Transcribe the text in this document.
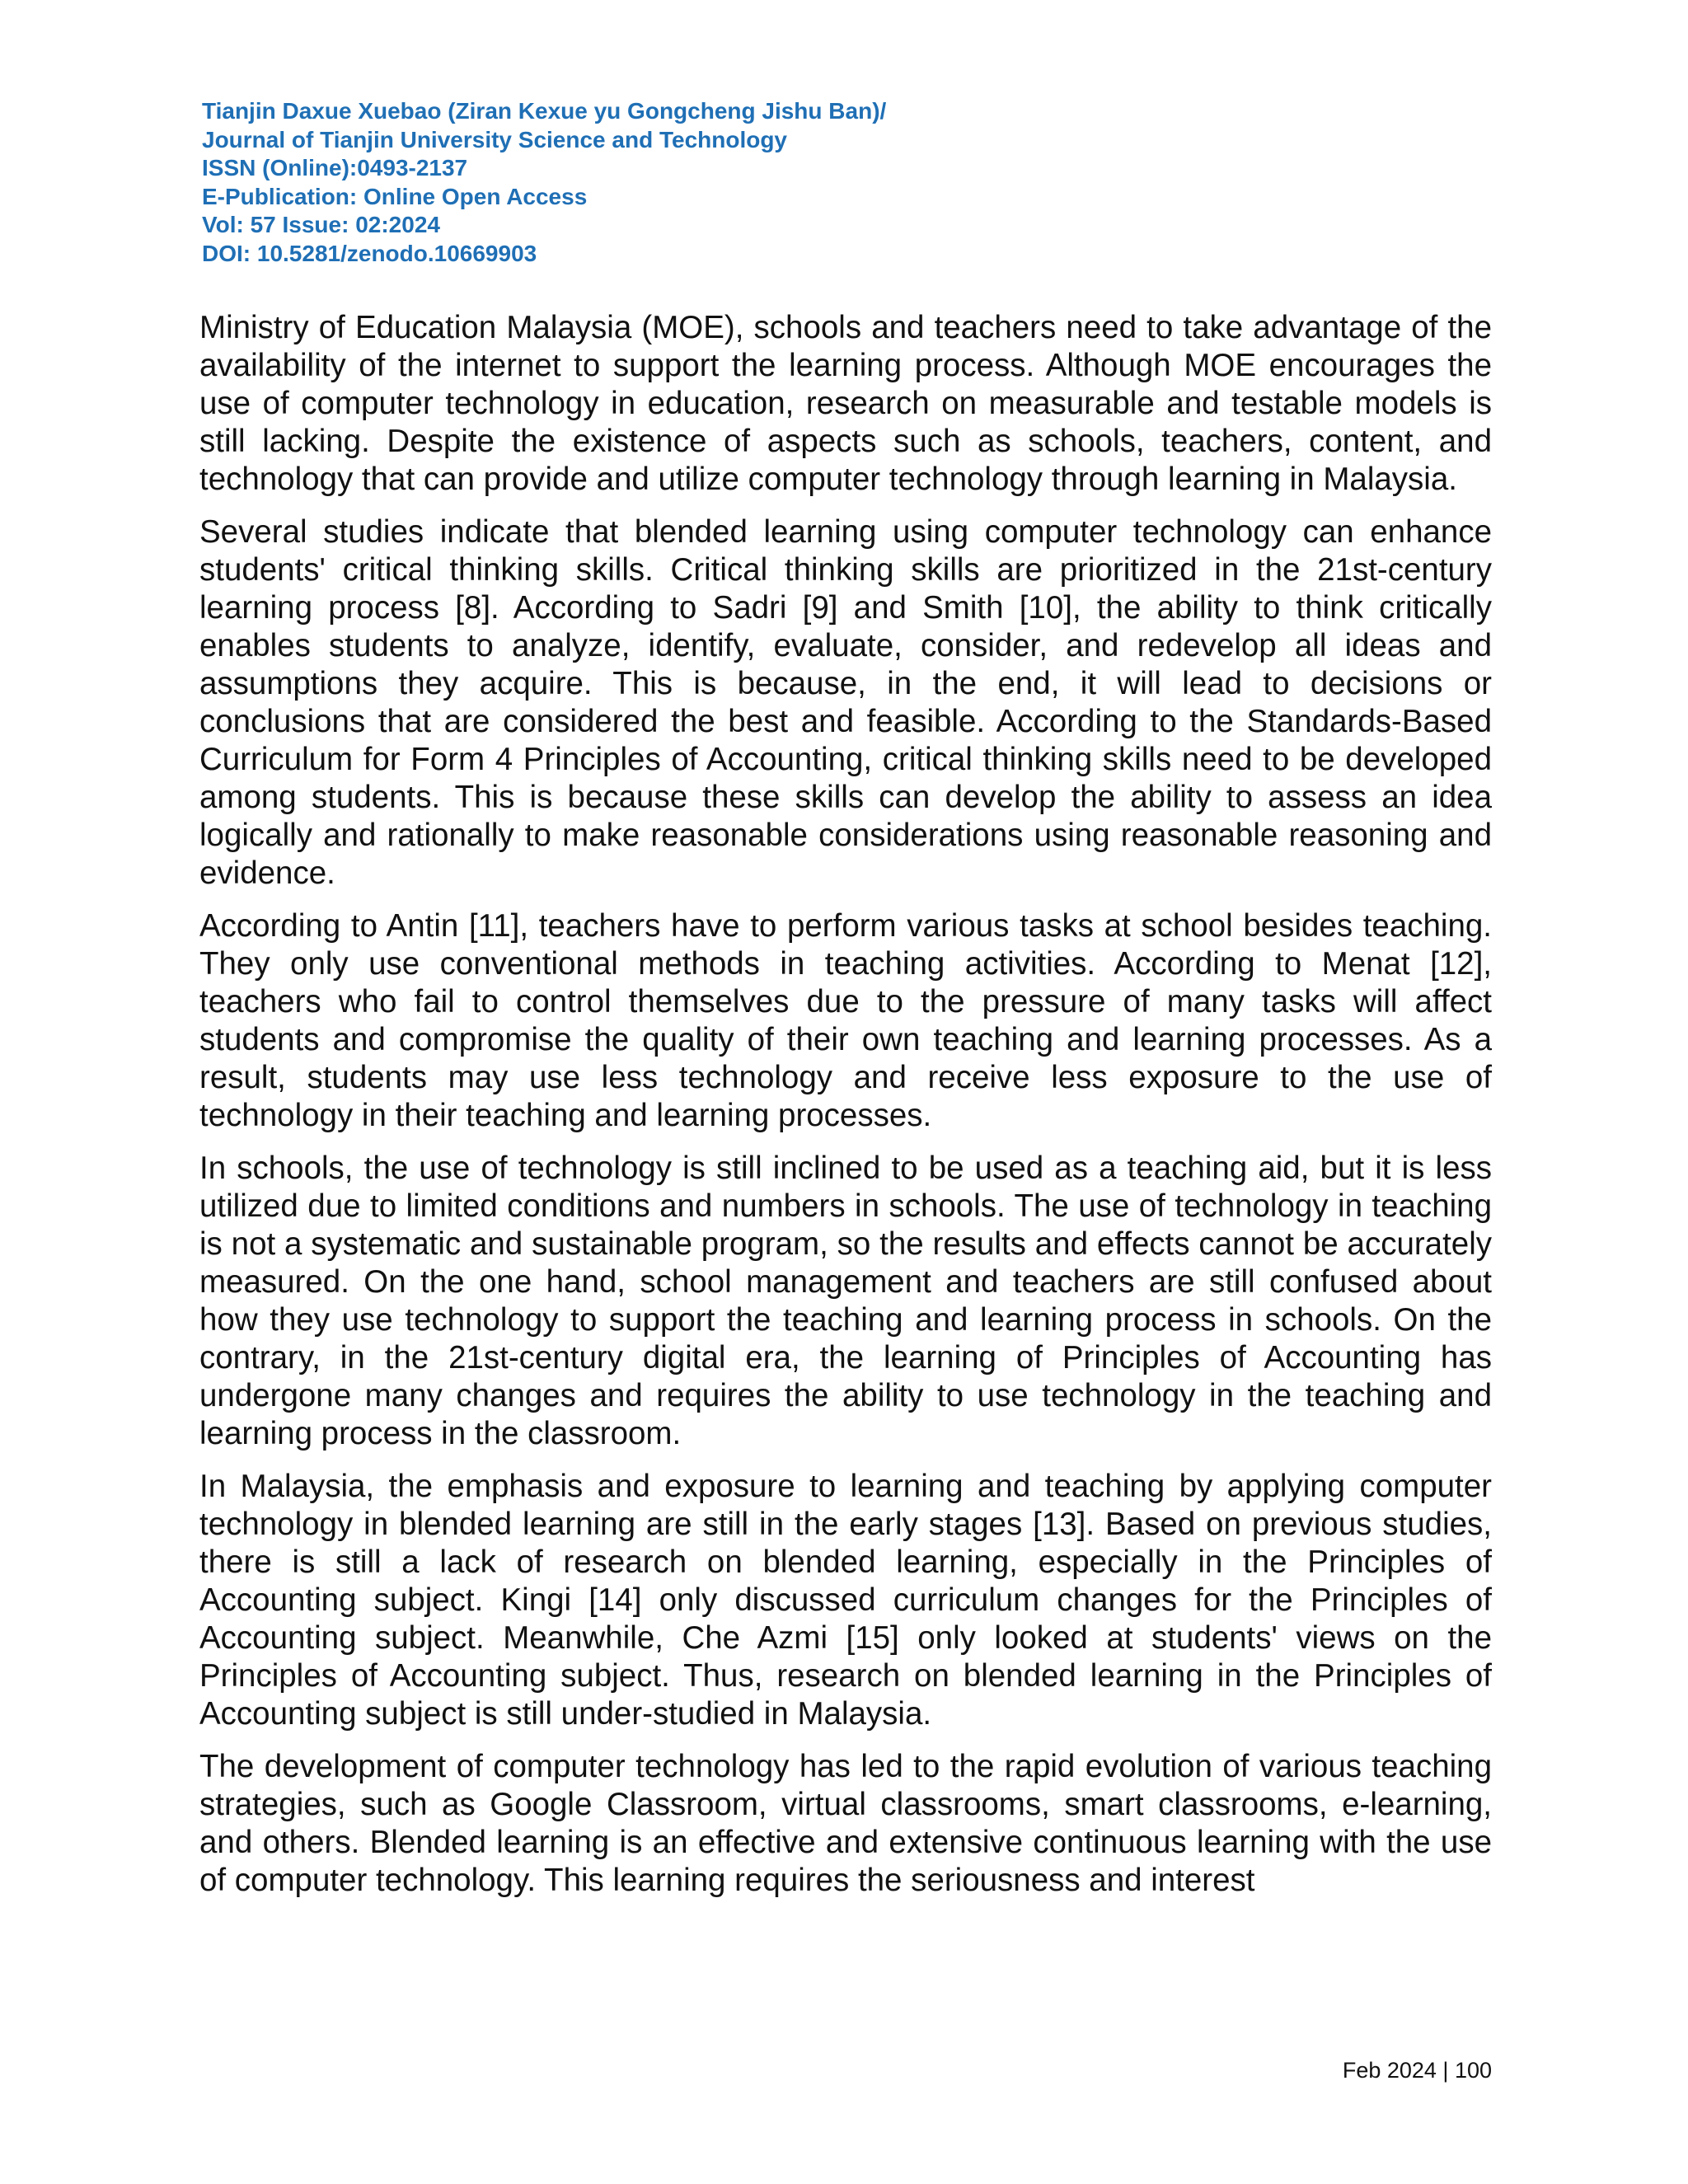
Tianjin Daxue Xuebao (Ziran Kexue yu Gongcheng Jishu Ban)/
Journal of Tianjin University Science and Technology
ISSN (Online):0493-2137
E-Publication: Online Open Access
Vol: 57 Issue: 02:2024
DOI: 10.5281/zenodo.10669903

Ministry of Education Malaysia (MOE), schools and teachers need to take advantage of the availability of the internet to support the learning process. Although MOE encourages the use of computer technology in education, research on measurable and testable models is still lacking. Despite the existence of aspects such as schools, teachers, content, and technology that can provide and utilize computer technology through learning in Malaysia.

Several studies indicate that blended learning using computer technology can enhance students' critical thinking skills. Critical thinking skills are prioritized in the 21st-century learning process [8]. According to Sadri [9] and Smith [10], the ability to think critically enables students to analyze, identify, evaluate, consider, and redevelop all ideas and assumptions they acquire. This is because, in the end, it will lead to decisions or conclusions that are considered the best and feasible. According to the Standards-Based Curriculum for Form 4 Principles of Accounting, critical thinking skills need to be developed among students. This is because these skills can develop the ability to assess an idea logically and rationally to make reasonable considerations using reasonable reasoning and evidence.

According to Antin [11], teachers have to perform various tasks at school besides teaching. They only use conventional methods in teaching activities. According to Menat [12], teachers who fail to control themselves due to the pressure of many tasks will affect students and compromise the quality of their own teaching and learning processes. As a result, students may use less technology and receive less exposure to the use of technology in their teaching and learning processes.

In schools, the use of technology is still inclined to be used as a teaching aid, but it is less utilized due to limited conditions and numbers in schools. The use of technology in teaching is not a systematic and sustainable program, so the results and effects cannot be accurately measured. On the one hand, school management and teachers are still confused about how they use technology to support the teaching and learning process in schools. On the contrary, in the 21st-century digital era, the learning of Principles of Accounting has undergone many changes and requires the ability to use technology in the teaching and learning process in the classroom.

In Malaysia, the emphasis and exposure to learning and teaching by applying computer technology in blended learning are still in the early stages [13]. Based on previous studies, there is still a lack of research on blended learning, especially in the Principles of Accounting subject. Kingi [14] only discussed curriculum changes for the Principles of Accounting subject. Meanwhile, Che Azmi [15] only looked at students' views on the Principles of Accounting subject. Thus, research on blended learning in the Principles of Accounting subject is still under-studied in Malaysia.

The development of computer technology has led to the rapid evolution of various teaching strategies, such as Google Classroom, virtual classrooms, smart classrooms, e-learning, and others. Blended learning is an effective and extensive continuous learning with the use of computer technology. This learning requires the seriousness and interest

Feb 2024 | 100
